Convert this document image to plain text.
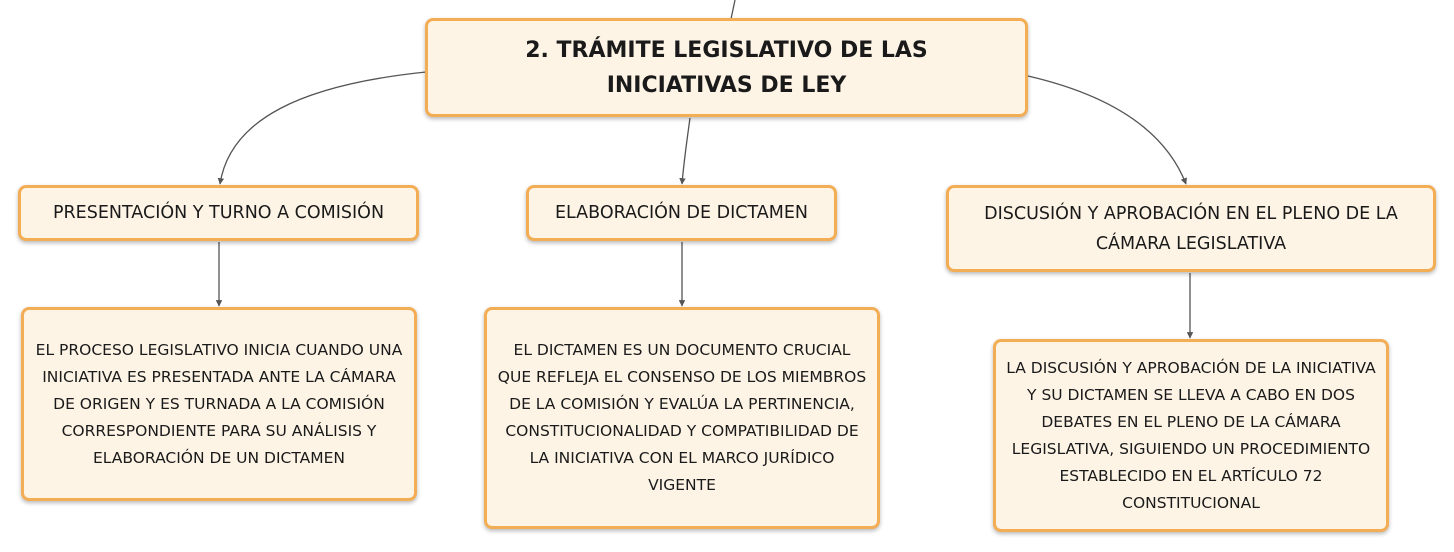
2. TRÁMITE LEGISLATIVO DE LAS INICIATIVAS DE LEY
PRESENTACIÓN Y TURNO A COMISIÓN	ELABORACIÓN DE DICTAMEN	DISCUSIÓN Y APROBACIÓN EN EL PLENO DE LA CÁMARA LEGISLATIVA
EL PROCESO LEGISLATIVO INICIA CUANDO UNA INICIATIVA ES PRESENTADA ANTE LA CÁMARA DE ORIGEN Y ES TURNADA A LA COMISIÓN CORRESPONDIENTE PARA SU ANÁLISIS Y ELABORACIÓN DE UN DICTAMEN
EL DICTAMEN ES UN DOCUMENTO CRUCIAL QUE REFLEJA EL CONSENSO DE LOS MIEMBROS DE LA COMISIÓN Y EVALÚA LA PERTINENCIA, CONSTITUCIONALIDAD Y COMPATIBILIDAD DE LA INICIATIVA CON EL MARCO JURÍDICO VIGENTE
LA DISCUSIÓN Y APROBACIÓN DE LA INICIATIVA Y SU DICTAMEN SE LLEVA A CABO EN DOS DEBATES EN EL PLENO DE LA CÁMARA LEGISLATIVA, SIGUIENDO UN PROCEDIMIENTO ESTABLECIDO EN EL ARTÍCULO 72 CONSTITUCIONAL
